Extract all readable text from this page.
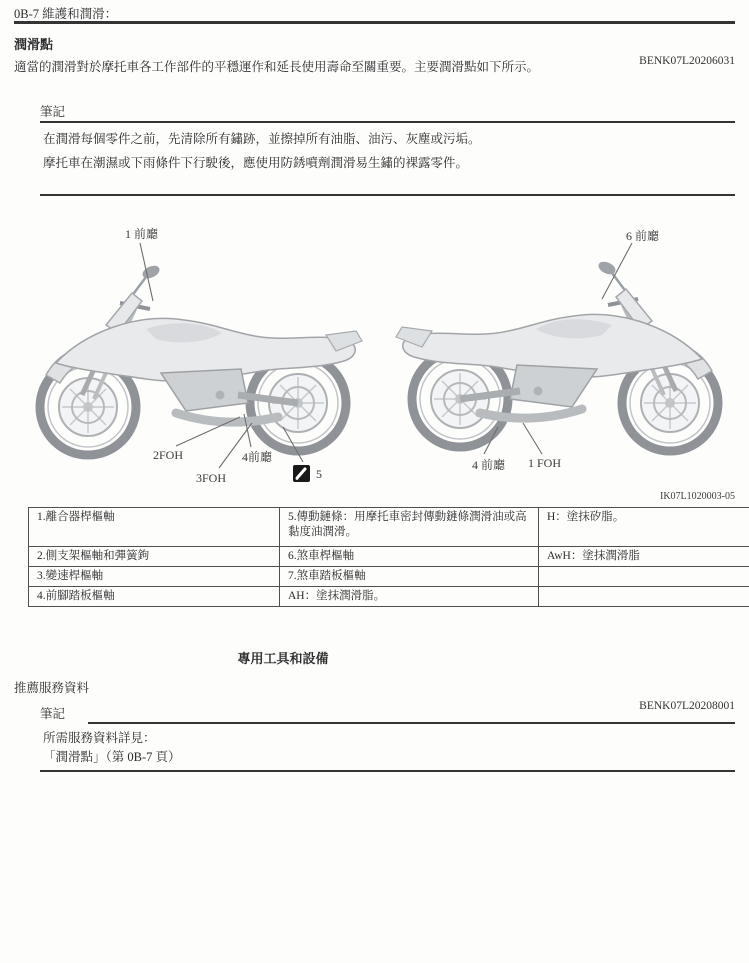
0B-7 維護和潤滑：
潤滑點
適當的潤滑對於摩托車各工作部件的平穩運作和延長使用壽命至關重要。主要潤滑點如下所示。	BENK07L20206031
筆記
在潤滑每個零件之前，先清除所有鏽跡，並擦掉所有油脂、油污、灰塵或污垢。
摩托車在潮濕或下雨條件下行駛後，應使用防銹噴劑潤滑易生鏽的裸露零件。
1 前廳	6 前廳
2FOH
3FOH
4前廳
5
4 前廳 1 FOH
IK07L1020003-05
1.離合器桿樞軸	5.傳動鏈條：用摩托車密封傳動鏈條潤滑油或高黏度油潤滑。	H：塗抹矽脂。
2.側支架樞軸和彈簧鉤	6.煞車桿樞軸	AwH：塗抹潤滑脂
3.變速桿樞軸	7.煞車踏板樞軸	
4.前腳踏板樞軸	AH：塗抹潤滑脂。	
專用工具和設備
推薦服務資料
BENK07L20208001
筆記
所需服務資料詳見：
「潤滑點」（第 0B-7 頁）
